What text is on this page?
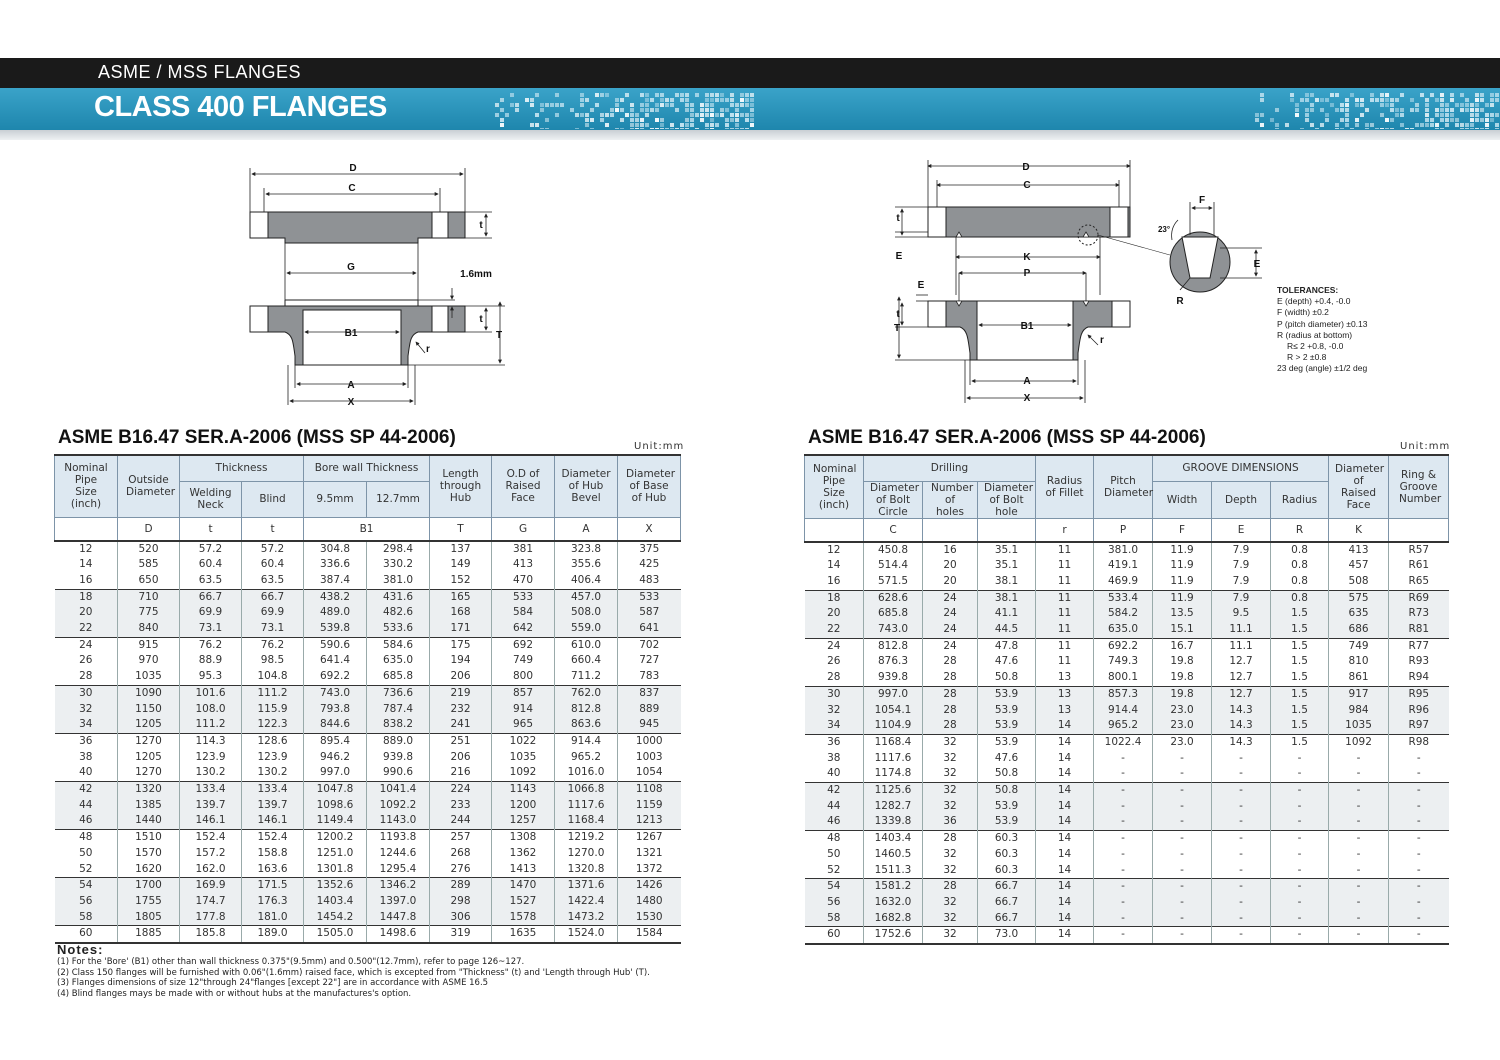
ASME / MSS FLANGES
CLASS 400 FLANGES
D
C
G
1.6mm
B1
r
T
A
X
t
t
D
C
K
P
B1
r
T
A
X
E
E
t
t
F
E
R
23°
TOLERANCES:
E (depth) +0.4, -0.0
F (width) ±0.2
P (pitch diameter) ±0.13
R (radius at bottom)
R≤ 2 +0.8, -0.0
R > 2 ±0.8
23 deg (angle) ±1/2 deg
ASME B16.47 SER.A-2006 (MSS SP 44-2006)	Unit:mm	ASME B16.47 SER.A-2006 (MSS SP 44-2006)	Unit:mm
Nominal Pipe Size (inch)	Outside Diameter	Thickness		Bore wall Thickness		Length through Hub	O.D of Raised Face	Diameter of Hub Bevel	Diameter of Base of Hub
		Welding Neck	Blind	9.5mm	12.7mm				
	D	t	t	B1		T	G	A	X
12	520	57.2	57.2	304.8	298.4	137	381	323.8	375
14	585	60.4	60.4	336.6	330.2	149	413	355.6	425
16	650	63.5	63.5	387.4	381.0	152	470	406.4	483
18	710	66.7	66.7	438.2	431.6	165	533	457.0	533
20	775	69.9	69.9	489.0	482.6	168	584	508.0	587
22	840	73.1	73.1	539.8	533.6	171	642	559.0	641
24	915	76.2	76.2	590.6	584.6	175	692	610.0	702
26	970	88.9	98.5	641.4	635.0	194	749	660.4	727
28	1035	95.3	104.8	692.2	685.8	206	800	711.2	783
30	1090	101.6	111.2	743.0	736.6	219	857	762.0	837
32	1150	108.0	115.9	793.8	787.4	232	914	812.8	889
34	1205	111.2	122.3	844.6	838.2	241	965	863.6	945
36	1270	114.3	128.6	895.4	889.0	251	1022	914.4	1000
38	1205	123.9	123.9	946.2	939.8	206	1035	965.2	1003
40	1270	130.2	130.2	997.0	990.6	216	1092	1016.0	1054
42	1320	133.4	133.4	1047.8	1041.4	224	1143	1066.8	1108
44	1385	139.7	139.7	1098.6	1092.2	233	1200	1117.6	1159
46	1440	146.1	146.1	1149.4	1143.0	244	1257	1168.4	1213
48	1510	152.4	152.4	1200.2	1193.8	257	1308	1219.2	1267
50	1570	157.2	158.8	1251.0	1244.6	268	1362	1270.0	1321
52	1620	162.0	163.6	1301.8	1295.4	276	1413	1320.8	1372
54	1700	169.9	171.5	1352.6	1346.2	289	1470	1371.6	1426
56	1755	174.7	176.3	1403.4	1397.0	298	1527	1422.4	1480
58	1805	177.8	181.0	1454.2	1447.8	306	1578	1473.2	1530
60	1885	185.8	189.0	1505.0	1498.6	319	1635	1524.0	1584
Nominal Pipe Size (inch)	Drilling			Radius of Fillet	Pitch Diameter	GROOVE DIMENSIONS			Diameter of Raised Face	Ring & Groove Number
	Diameter of Bolt Circle	Number of holes	Diameter of Bolt hole			Width	Depth	Radius		
	C			r	P	F	E	R	K	
12	450.8	16	35.1	11	381.0	11.9	7.9	0.8	413	R57
14	514.4	20	35.1	11	419.1	11.9	7.9	0.8	457	R61
16	571.5	20	38.1	11	469.9	11.9	7.9	0.8	508	R65
18	628.6	24	38.1	11	533.4	11.9	7.9	0.8	575	R69
20	685.8	24	41.1	11	584.2	13.5	9.5	1.5	635	R73
22	743.0	24	44.5	11	635.0	15.1	11.1	1.5	686	R81
24	812.8	24	47.8	11	692.2	16.7	11.1	1.5	749	R77
26	876.3	28	47.6	11	749.3	19.8	12.7	1.5	810	R93
28	939.8	28	50.8	13	800.1	19.8	12.7	1.5	861	R94
30	997.0	28	53.9	13	857.3	19.8	12.7	1.5	917	R95
32	1054.1	28	53.9	13	914.4	23.0	14.3	1.5	984	R96
34	1104.9	28	53.9	14	965.2	23.0	14.3	1.5	1035	R97
36	1168.4	32	53.9	14	1022.4	23.0	14.3	1.5	1092	R98
38	1117.6	32	47.6	14	-	-	-	-	-	-
40	1174.8	32	50.8	14	-	-	-	-	-	-
42	1125.6	32	50.8	14	-	-	-	-	-	-
44	1282.7	32	53.9	14	-	-	-	-	-	-
46	1339.8	36	53.9	14	-	-	-	-	-	-
48	1403.4	28	60.3	14	-	-	-	-	-	-
50	1460.5	32	60.3	14	-	-	-	-	-	-
52	1511.3	32	60.3	14	-	-	-	-	-	-
54	1581.2	28	66.7	14	-	-	-	-	-	-
56	1632.0	32	66.7	14	-	-	-	-	-	-
58	1682.8	32	66.7	14	-	-	-	-	-	-
60	1752.6	32	73.0	14	-	-	-	-	-	-
Notes:
(1) For the 'Bore' (B1) other than wall thickness 0.375"(9.5mm) and 0.500"(12.7mm), refer to page 126~127.
(2) Class 150 flanges will be furnished with 0.06"(1.6mm) raised face, which is excepted from "Thickness" (t) and 'Length through Hub' (T).
(3) Flanges dimensions of size 12"through 24"flanges [except 22"] are in accordance with ASME 16.5
(4) Blind flanges mays be made with or without hubs at the manufactures's option.
